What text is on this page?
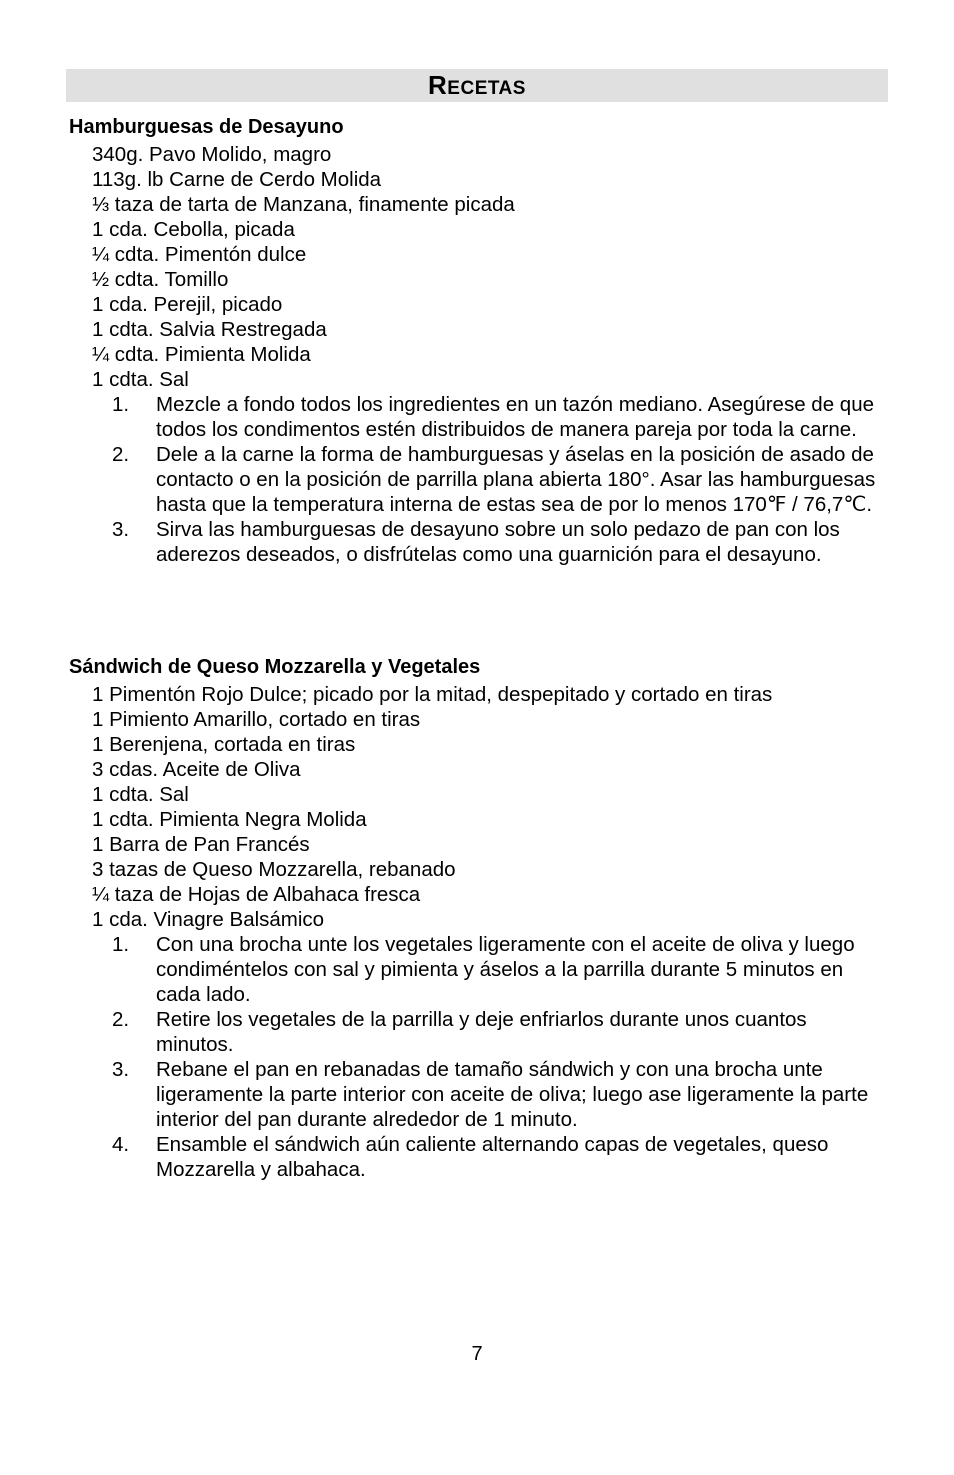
RECETAS
Hamburguesas de Desayuno
340g. Pavo Molido, magro
113g. lb Carne de Cerdo Molida
⅓ taza de tarta de Manzana, finamente picada
1 cda. Cebolla, picada
¼ cdta. Pimentón dulce
½ cdta. Tomillo
1 cda. Perejil, picado
1 cdta. Salvia Restregada
¼ cdta. Pimienta Molida
1 cdta. Sal
1.	Mezcle a fondo todos los ingredientes en un tazón mediano. Asegúrese de que todos los condimentos estén distribuidos de manera pareja por toda la carne.
2.	Dele a la carne la forma de hamburguesas y áselas en la posición de asado de contacto o en la posición de parrilla plana abierta 180°. Asar las hamburguesas hasta que la temperatura interna de estas sea de por lo menos 170℉ / 76,7℃.
3.	Sirva las hamburguesas de desayuno sobre un solo pedazo de pan con los aderezos deseados, o disfrútelas como una guarnición para el desayuno.
Sándwich de Queso Mozzarella y Vegetales
1 Pimentón Rojo Dulce; picado por la mitad, despepitado y cortado en tiras
1 Pimiento Amarillo, cortado en tiras
1 Berenjena, cortada en tiras
3 cdas. Aceite de Oliva
1 cdta. Sal
1 cdta. Pimienta Negra Molida
1 Barra de Pan Francés
3 tazas de Queso Mozzarella, rebanado
¼ taza de Hojas de Albahaca fresca
1 cda. Vinagre Balsámico
1.	Con una brocha unte los vegetales ligeramente con el aceite de oliva y luego condiméntelos con sal y pimienta y áselos a la parrilla durante 5 minutos en cada lado.
2.	Retire los vegetales de la parrilla y deje enfriarlos durante unos cuantos minutos.
3.	Rebane el pan en rebanadas de tamaño sándwich y con una brocha unte ligeramente la parte interior con aceite de oliva; luego ase ligeramente la parte interior del pan durante alrededor de 1 minuto.
4.	Ensamble el sándwich aún caliente alternando capas de vegetales, queso Mozzarella y albahaca.
7
